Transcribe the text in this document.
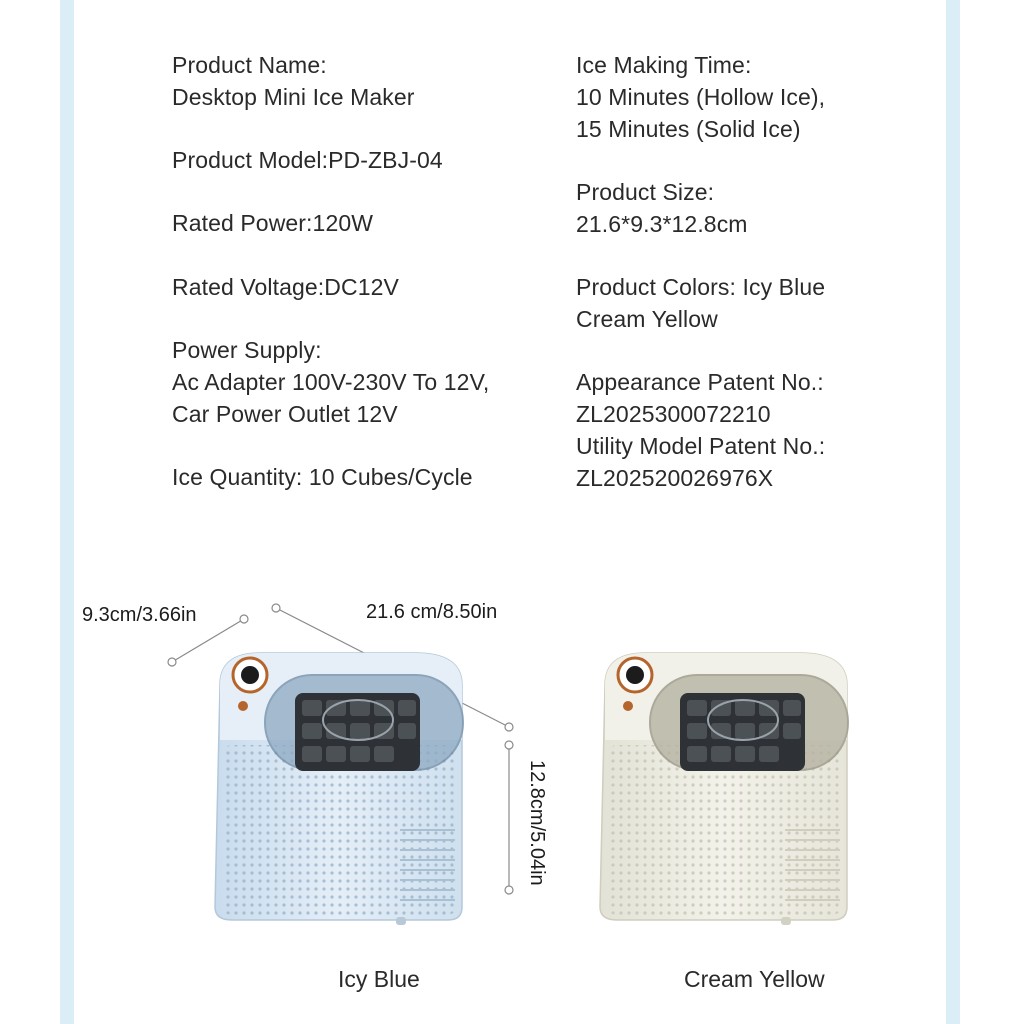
Product Name:
Desktop Mini Ice Maker
Product Model:PD-ZBJ-04
Rated Power:120W
Rated Voltage:DC12V
Power Supply:
Ac Adapter 100V-230V To 12V,
Car Power Outlet 12V
Ice Quantity: 10 Cubes/Cycle
Ice Making Time:
10 Minutes (Hollow Ice),
15 Minutes (Solid Ice)
Product Size:
21.6*9.3*12.8cm
Product Colors: Icy Blue
Cream Yellow
Appearance Patent No.:
ZL2025300072210
Utility Model Patent No.:
ZL202520026976X
9.3cm/3.66in	21.6 cm/8.50in
12.8cm/5.04in
Icy Blue	Cream Yellow
